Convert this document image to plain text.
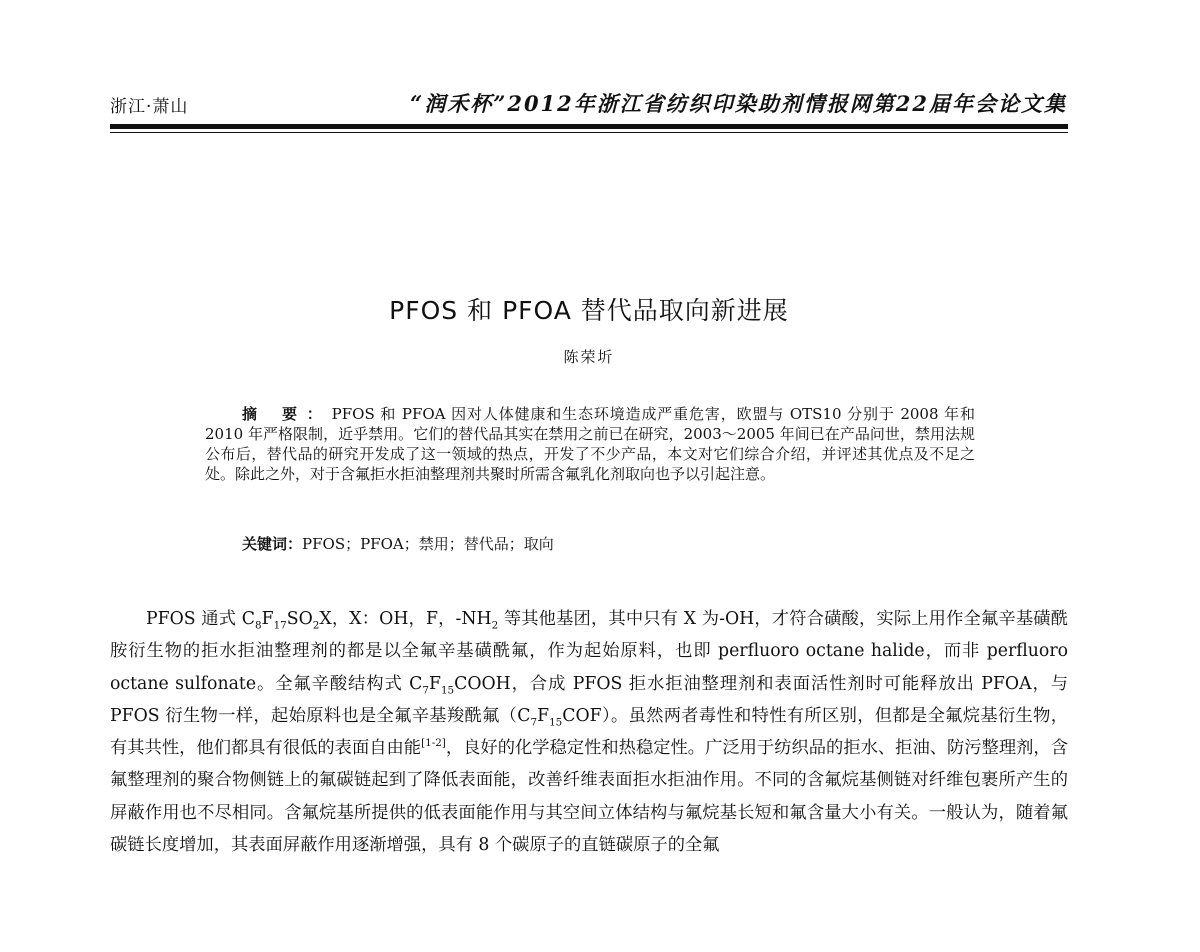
浙江·萧山	“润禾杯”2012年浙江省纺织印染助剂情报网第22届年会论文集
PFOS 和 PFOA 替代品取向新进展
陈荣圻
摘 要：PFOS 和 PFOA 因对人体健康和生态环境造成严重危害，欧盟与 OTS10 分别于 2008 年和 2010 年严格限制，近乎禁用。它们的替代品其实在禁用之前已在研究，2003～2005 年间已在产品问世，禁用法规公布后，替代品的研究开发成了这一领域的热点，开发了不少产品，本文对它们综合介绍，并评述其优点及不足之处。除此之外，对于含氟拒水拒油整理剂共聚时所需含氟乳化剂取向也予以引起注意。
关键词：PFOS；PFOA；禁用；替代品；取向
PFOS 通式 $C_8F_{17}SO_2X$，X：OH，F，$-NH_2$ 等其他基团，其中只有 X 为-OH，才符合磺酸，实际上用作全氟辛基磺酰胺衍生物的拒水拒油整理剂的都是以全氟辛基磺酰氟，作为起始原料，也即 perfluoro octane halide，而非 perfluoro octane sulfonate。全氟辛酸结构式 $C_7F_{15}COOH$，合成 PFOS 拒水拒油整理剂和表面活性剂时可能释放出 PFOA，与 PFOS 衍生物一样，起始原料也是全氟辛基羧酰氟$(C_7F_{15}COF)$。虽然两者毒性和特性有所区别，但都是全氟烷基衍生物，有其共性，他们都具有很低的表面自由能[1-2]，良好的化学稳定性和热稳定性。广泛用于纺织品的拒水、拒油、防污整理剂，含氟整理剂的聚合物侧链上的氟碳链起到了降低表面能，改善纤维表面拒水拒油作用。不同的含氟烷基侧链对纤维包裹所产生的屏蔽作用也不尽相同。含氟烷基所提供的低表面能作用与其空间立体结构与氟烷基长短和氟含量大小有关。一般认为，随着氟碳链长度增加，其表面屏蔽作用逐渐增强，具有 8 个碳原子的直链碳原子的全氟
